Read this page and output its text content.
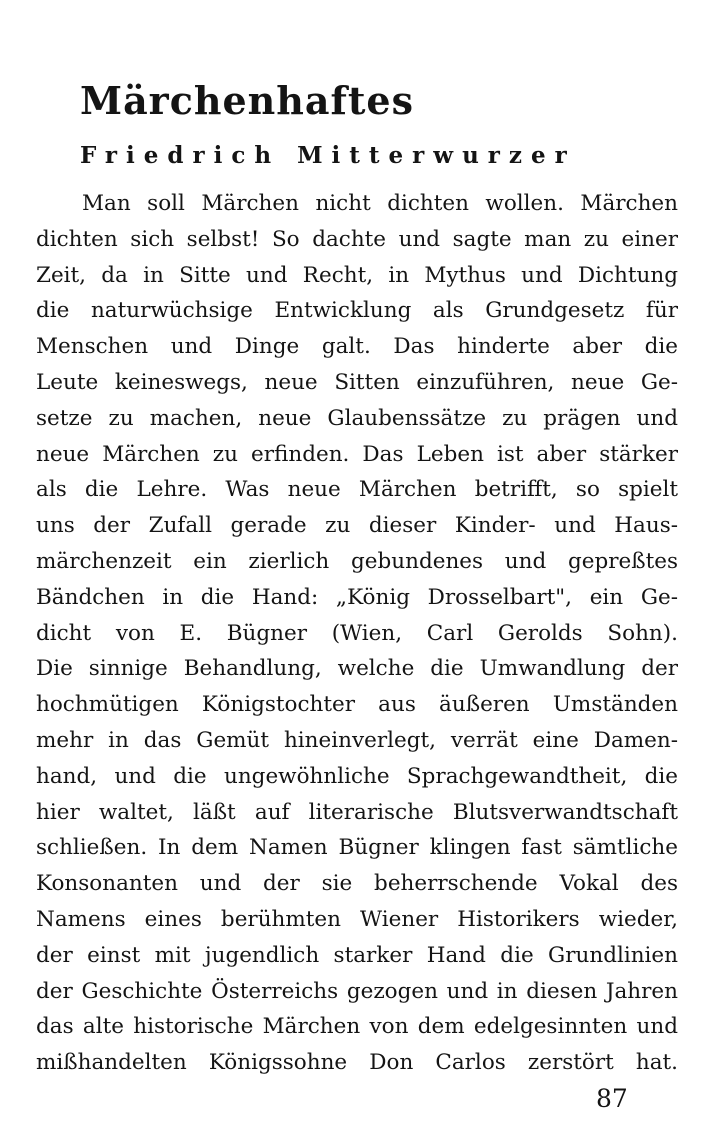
Märchenhaftes
Friedrich Mitterwurzer
Man soll Märchen nicht dichten wollen. Märchen
dichten sich selbst! So dachte und sagte man zu einer
Zeit, da in Sitte und Recht, in Mythus und Dichtung
die naturwüchsige Entwicklung als Grundgesetz für
Menschen und Dinge galt. Das hinderte aber die
Leute keineswegs, neue Sitten einzuführen, neue Ge-
setze zu machen, neue Glaubenssätze zu prägen und
neue Märchen zu erfinden. Das Leben ist aber stärker
als die Lehre. Was neue Märchen betrifft, so spielt
uns der Zufall gerade zu dieser Kinder- und Haus-
märchenzeit ein zierlich gebundenes und gepreßtes
Bändchen in die Hand: „König Drosselbart", ein Ge-
dicht von E. Bügner (Wien, Carl Gerolds Sohn).
Die sinnige Behandlung, welche die Umwandlung der
hochmütigen Königstochter aus äußeren Umständen
mehr in das Gemüt hineinverlegt, verrät eine Damen-
hand, und die ungewöhnliche Sprachgewandtheit, die
hier waltet, läßt auf literarische Blutsverwandtschaft
schließen. In dem Namen Bügner klingen fast sämtliche
Konsonanten und der sie beherrschende Vokal des
Namens eines berühmten Wiener Historikers wieder,
der einst mit jugendlich starker Hand die Grundlinien
der Geschichte Österreichs gezogen und in diesen Jahren
das alte historische Märchen von dem edelgesinnten und
mißhandelten Königssohne Don Carlos zerstört hat.
87
